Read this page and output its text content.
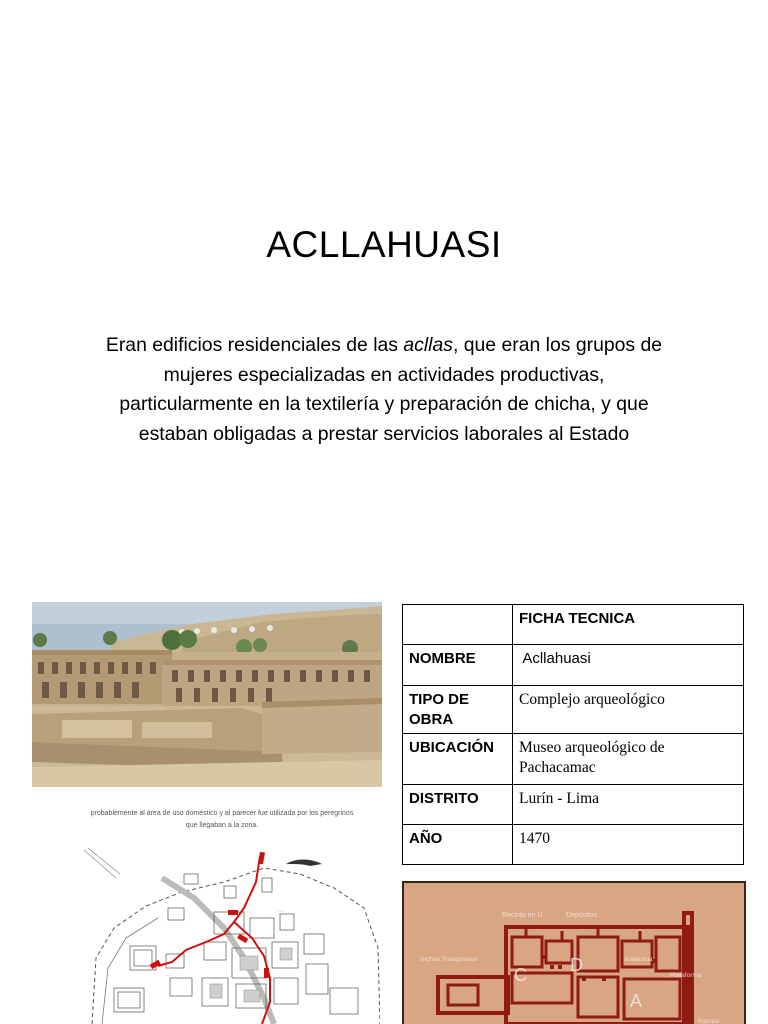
ACLLAHUASI

Eran edificios residenciales de las acllas, que eran los grupos de mujeres especializadas en actividades productivas, particularmente en la textilería y preparación de chicha, y que estaban obligadas a prestar servicios laborales al Estado

probablemente al área de uso doméstico y al parecer fue utilizada por los peregrinos
que llegaban a la zona.
.....
.....
.....
.....
.....
.....
	FICHA TECNICA
NOMBRE	Acllahuasi
TIPO DE OBRA	Complejo arqueológico
UBICACIÓN	Museo arqueológico de Pachacamac
DISTRITO	Lurín - Lima
AÑO	1470
Recinto en U	Depósitos
Nichos Triangulares
C D	Audiencia
Plataforma
A
Rampa
